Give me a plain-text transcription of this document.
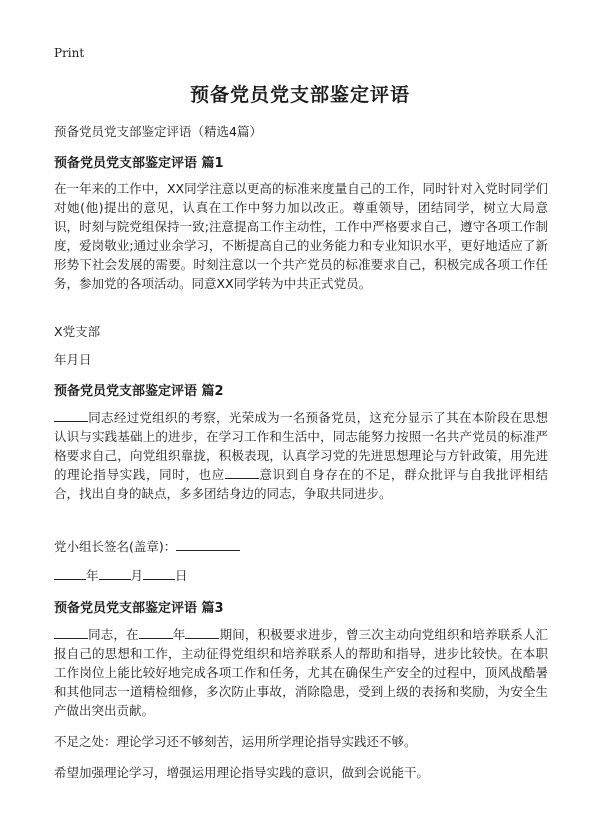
Print
预备党员党支部鉴定评语
预备党员党支部鉴定评语（精选4篇）
预备党员党支部鉴定评语 篇1

在一年来的工作中，XX同学注意以更高的标准来度量自己的工作，同时针对入党时同学们对她(他)提出的意见，认真在工作中努力加以改正。尊重领导，团结同学，树立大局意识，时刻与院党组保持一致;注意提高工作主动性，工作中严格要求自己，遵守各项工作制度，爱岗敬业;通过业余学习，不断提高自己的业务能力和专业知识水平，更好地适应了新形势下社会发展的需要。时刻注意以一个共产党员的标准要求自己，积极完成各项工作任务，参加党的各项活动。同意XX同学转为中共正式党员。

X党支部
年月日
预备党员党支部鉴定评语 篇2

同志经过党组织的考察，光荣成为一名预备党员，这充分显示了其在本阶段在思想认识与实践基础上的进步，在学习工作和生活中，同志能努力按照一名共产党员的标准严格要求自己，向党组织靠拢，积极表现，认真学习党的先进思想理论与方针政策，用先进的理论指导实践，同时，也应	意识到自身存在的不足，群众批评与自我批评相结合，找出自身的缺点，多多团结身边的同志，争取共同进步。

党小组长签名(盖章)：
年	月	日
预备党员党支部鉴定评语 篇3

同志，在	年	期间，积极要求进步，曾三次主动向党组织和培养联系人汇报自己的思想和工作，主动征得党组织和培养联系人的帮助和指导，进步比较快。在本职工作岗位上能比较好地完成各项工作和任务，尤其在确保生产安全的过程中，顶风战酷暑和其他同志一道精检细修，多次防止事故，消除隐患，受到上级的表扬和奖励，为安全生产做出突出贡献。

不足之处：理论学习还不够刻苦，运用所学理论指导实践还不够。
希望加强理论学习，增强运用理论指导实践的意识，做到会说能干。
